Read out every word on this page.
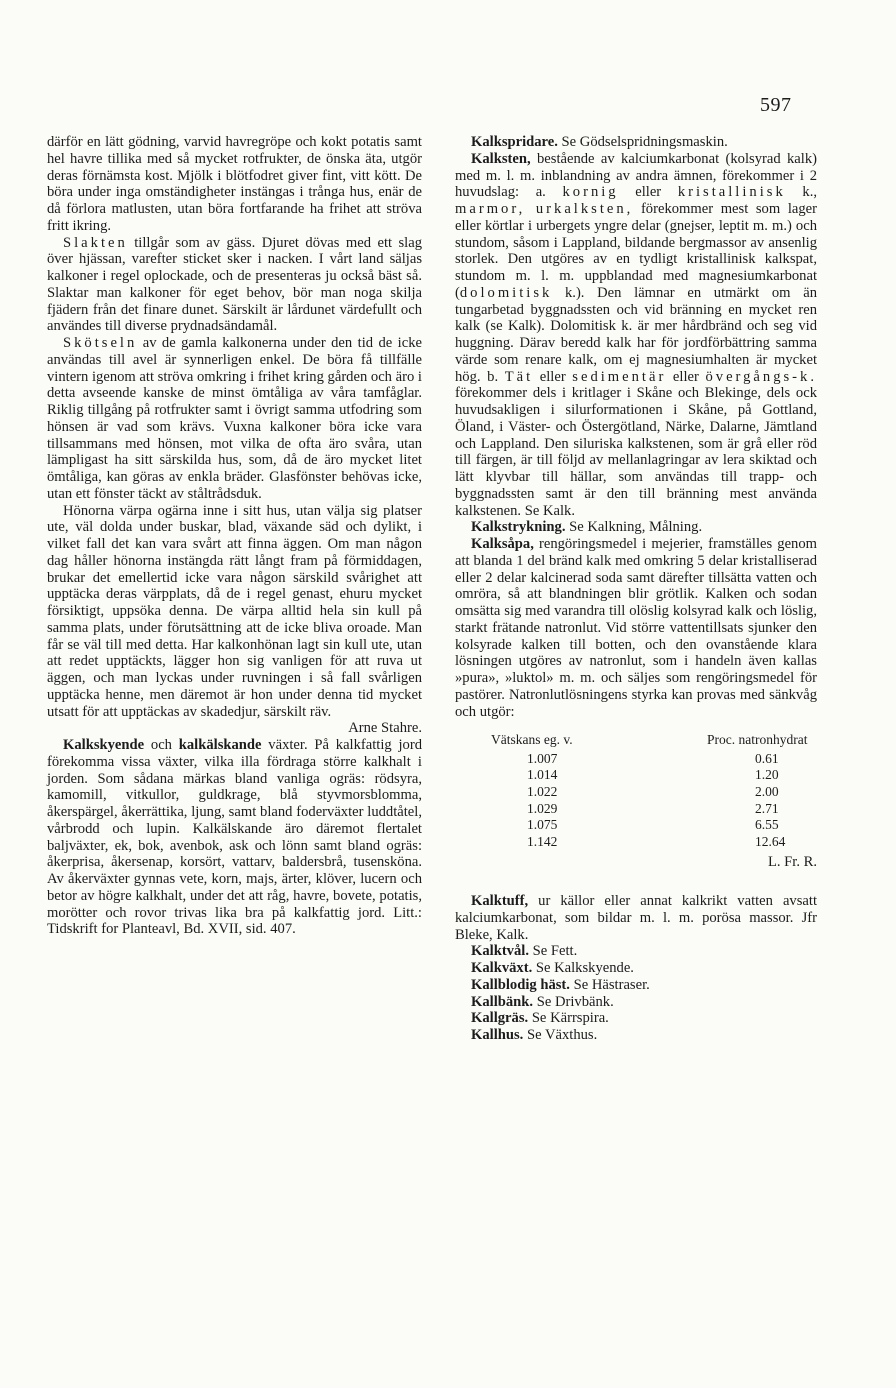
597

därför en lätt gödning, varvid havregröpe och kokt potatis samt hel havre tillika med så mycket rotfrukter, de önska äta, utgör deras förnämsta kost. Mjölk i blötfodret giver fint, vitt kött. De böra under inga omständigheter instängas i trånga hus, enär de då förlora matlusten, utan böra fortfarande ha frihet att ströva fritt ikring.

Slakten tillgår som av gäss. Djuret dövas med ett slag över hjässan, varefter sticket sker i nacken. I vårt land säljas kalkoner i regel oplockade, och de presenteras ju också bäst så. Slaktar man kalkoner för eget behov, bör man noga skilja fjädern från det finare dunet. Särskilt är lårdunet värdefullt och användes till diverse prydnadsändamål.

Skötseln av de gamla kalkonerna under den tid de icke användas till avel är synnerligen enkel. De böra få tillfälle vintern igenom att ströva omkring i frihet kring gården och äro i detta avseende kanske de minst ömtåliga av våra tamfåglar. Riklig tillgång på rotfrukter samt i övrigt samma utfodring som hönsen är vad som krävs. Vuxna kalkoner böra icke vara tillsammans med hönsen, mot vilka de ofta äro svåra, utan lämpligast ha sitt särskilda hus, som, då de äro mycket litet ömtåliga, kan göras av enkla bräder. Glasfönster behövas icke, utan ett fönster täckt av ståltrådsduk.

Hönorna värpa ogärna inne i sitt hus, utan välja sig platser ute, väl dolda under buskar, blad, växande säd och dylikt, i vilket fall det kan vara svårt att finna äggen. Om man någon dag håller hönorna instängda rätt långt fram på förmiddagen, brukar det emellertid icke vara någon särskild svårighet att upptäcka deras värpplats, då de i regel genast, ehuru mycket försiktigt, uppsöka denna. De värpa alltid hela sin kull på samma plats, under förutsättning att de icke bliva oroade. Man får se väl till med detta. Har kalkonhönan lagt sin kull ute, utan att redet upptäckts, lägger hon sig vanligen för att ruva ut äggen, och man lyckas under ruvningen i så fall svårligen upptäcka henne, men däremot är hon under denna tid mycket utsatt för att upptäckas av skadedjur, särskilt räv.

Arne Stahre.

Kalkskyende och kalkälskande växter. På kalkfattig jord förekomma vissa växter, vilka illa fördraga större kalkhalt i jorden. Som sådana märkas bland vanliga ogräs: rödsyra, kamomill, vitkullor, guldkrage, blå styvmorsblomma, åkerspärgel, åkerrättika, ljung, samt bland foderväxter luddtåtel, vårbrodd och lupin. Kalkälskande äro däremot flertalet baljväxter, ek, bok, avenbok, ask och lönn samt bland ogräs: åkerprisa, åkersenap, korsört, vattarv, baldersbrå, tusensköna. Av åkerväxter gynnas vete, korn, majs, ärter, klöver, lucern och betor av högre kalkhalt, under det att råg, havre, bovete, potatis, morötter och rovor trivas lika bra på kalkfattig jord. Litt.: Tidskrift for Planteavl, Bd. XVII, sid. 407.

Kalkspridare. Se Gödselspridningsmaskin.

Kalksten, bestående av kalciumkarbonat (kolsyrad kalk) med m. l. m. inblandning av andra ämnen, förekommer i 2 huvudslag: a. kornig eller kristallinisk k., marmor, urkalksten, förekommer mest som lager eller körtlar i urbergets yngre delar (gnejser, leptit m. m.) och stundom, såsom i Lappland, bildande bergmassor av ansenlig storlek. Den utgöres av en tydligt kristallinisk kalkspat, stundom m. l. m. uppblandad med magnesiumkarbonat (dolomitisk k.). Den lämnar en utmärkt om än tungarbetad byggnadssten och vid bränning en mycket ren kalk (se Kalk). Dolomitisk k. är mer hårdbränd och seg vid huggning. Därav beredd kalk har för jordförbättring samma värde som renare kalk, om ej magnesiumhalten är mycket hög. b. Tät eller sedimentär eller övergångs-k. förekommer dels i kritlager i Skåne och Blekinge, dels ock huvudsakligen i silurformationen i Skåne, på Gottland, Öland, i Väster- och Östergötland, Närke, Dalarne, Jämtland och Lappland. Den siluriska kalkstenen, som är grå eller röd till färgen, är till följd av mellanlagringar av lera skiktad och lätt klyvbar till hällar, som användas till trapp- och byggnadssten samt är den till bränning mest använda kalkstenen. Se Kalk.

Kalkstrykning. Se Kalkning, Målning.

Kalksåpa, rengöringsmedel i mejerier, framställes genom att blanda 1 del bränd kalk med omkring 5 delar kristalliserad eller 2 delar kalcinerad soda samt därefter tillsätta vatten och omröra, så att blandningen blir grötlik. Kalken och sodan omsätta sig med varandra till olöslig kolsyrad kalk och löslig, starkt frätande natronlut. Vid större vattentillsats sjunker den kolsyrade kalken till botten, och den ovanstående klara lösningen utgöres av natronlut, som i handeln även kallas »pura», »luktol» m. m. och säljes som rengöringsmedel för pastörer. Natronlutlösningens styrka kan provas med sänkvåg och utgör:

Vätskans eg. v.	Proc. natronhydrat
1.007	0.61
1.014	1.20
1.022	2.00
1.029	2.71
1.075	6.55
1.142	12.64

L. Fr. R.

Kalktuff, ur källor eller annat kalkrikt vatten avsatt kalciumkarbonat, som bildar m. l. m. porösa massor. Jfr Bleke, Kalk.

Kalktvål. Se Fett.

Kalkväxt. Se Kalkskyende.

Kallblodig häst. Se Hästraser.

Kallbänk. Se Drivbänk.

Kallgräs. Se Kärrspira.

Kallhus. Se Växthus.
